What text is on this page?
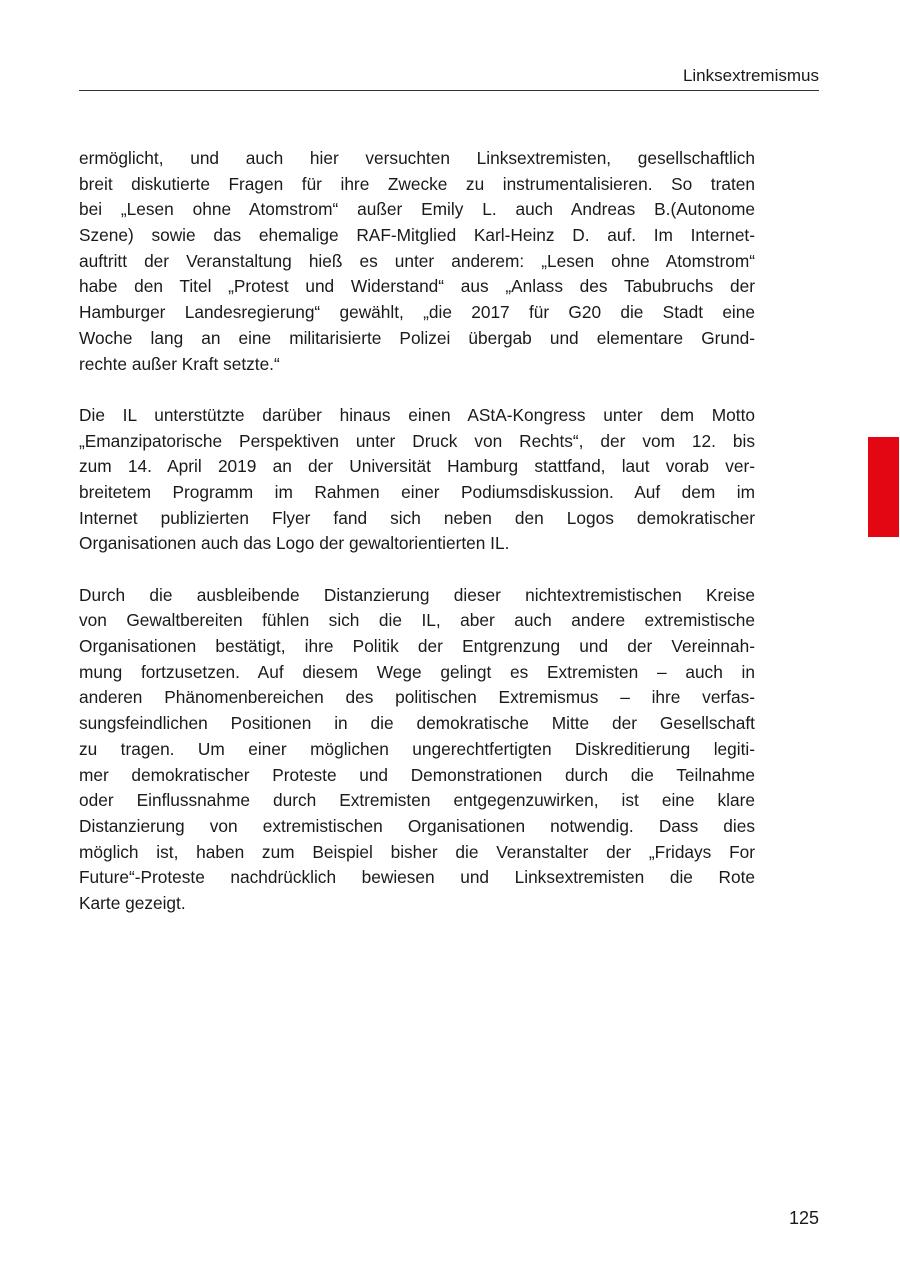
Linksextremismus

ermöglicht, und auch hier versuchten Linksextremisten, gesellschaftlich
breit diskutierte Fragen für ihre Zwecke zu instrumentalisieren. So traten
bei „Lesen ohne Atomstrom“ außer Emily L. auch Andreas B.(Autonome
Szene) sowie das ehemalige RAF-Mitglied Karl-Heinz D. auf. Im Internet-
auftritt der Veranstaltung hieß es unter anderem: „Lesen ohne Atomstrom“
habe den Titel „Protest und Widerstand“ aus „Anlass des Tabubruchs der
Hamburger Landesregierung“ gewählt, „die 2017 für G20 die Stadt eine
Woche lang an eine militarisierte Polizei übergab und elementare Grund-
rechte außer Kraft setzte.“

Die IL unterstützte darüber hinaus einen AStA-Kongress unter dem Motto
„Emanzipatorische Perspektiven unter Druck von Rechts“, der vom 12. bis
zum 14. April 2019 an der Universität Hamburg stattfand, laut vorab ver-
breitetem Programm im Rahmen einer Podiumsdiskussion. Auf dem im
Internet publizierten Flyer fand sich neben den Logos demokratischer
Organisationen auch das Logo der gewaltorientierten IL.

Durch die ausbleibende Distanzierung dieser nichtextremistischen Kreise
von Gewaltbereiten fühlen sich die IL, aber auch andere extremistische
Organisationen bestätigt, ihre Politik der Entgrenzung und der Vereinnah-
mung fortzusetzen. Auf diesem Wege gelingt es Extremisten – auch in
anderen Phänomenbereichen des politischen Extremismus – ihre verfas-
sungsfeindlichen Positionen in die demokratische Mitte der Gesellschaft
zu tragen. Um einer möglichen ungerechtfertigten Diskreditierung legiti-
mer demokratischer Proteste und Demonstrationen durch die Teilnahme
oder Einflussnahme durch Extremisten entgegenzuwirken, ist eine klare
Distanzierung von extremistischen Organisationen notwendig. Dass dies
möglich ist, haben zum Beispiel bisher die Veranstalter der „Fridays For
Future“-Proteste nachdrücklich bewiesen und Linksextremisten die Rote
Karte gezeigt.

125
